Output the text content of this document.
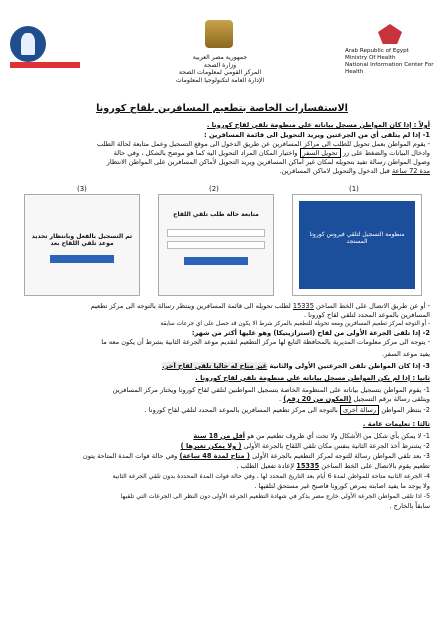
جمهورية مصر العربية
وزارة الصحة
المركز القومي لمعلومات الصحة
الإدارة العامة لتكنولوجيا المعلومات
Arab Republic of Egypt
Ministry Of Health
National Information Center For Health
الاستفسارات الخاصة بتطعيم المسافرين بلقاح كورونا
أولاً : إذا كان المواطن مسجل بياناته على منظومة تلقي لقاح كورونا .
1- إذا لم يتلقى أي من الجرعتين ويريد التحويل الى قائمة المسافرين :
- يقوم المواطن بعمل تحويل للطلب الى مراكز المسافرين عن طريق الدخول الى موقع التسجيل وعمل متابعة لحالة الطلب
وادخال البيانات والضغط على زر تحويل السفر واختيار المكان المراد التحويل اليه كما هو موضح بالشكل ، وفي حالة
وصول المواطن رسالة تفيد بتحويله لمكان غير أماكن المسافرين ويريد التحويل لأماكن المسافرين على المواطن الانتظار
مدة 72 ساعة قبل الدخول والتحويل لاماكن المسافرين.
(3)
تم التسجيل بالفعل وبانتظار تحديد موعد تلقي اللقاح بعد
(2)
متابعة حالة طلب تلقي اللقاح
(1)
منظومة التسجيل لتلقي فيروس كورونا المستجد
- أو عن طريق الاتصال على الخط الساخن 15335 لطلب تحويله الى قائمة المسافرين وينتظر رسالة بالتوجه الى مركز تطعيم
المسافرين بالموعد المحدد لتلقي لقاح كورونا .
- أو التوجه لمركز تطعيم المسافرين ومعه تحويله للتطعيم بالمركز شرط الا يكون قد حصل على اي جرعات سابقة
2- إذا تلقى الجرعة الأولى من لقاح (استرازينيكا) وهو عليها أكثر من شهر:
- يتوجه الى مركز معلومات المديرية بالمحافظة التابع لها مركز التطعيم لتقديم موعد الجرعة الثانية بشرط أن يكون معه ما
يفيد موعد السفر.
3- إذا كان المواطن تلقى الجرعتين الأولى والثانية غير متاح له حاليا تلقي لقاح آخر.
ثانيا : إذا لم يكن المواطن مسجل بياناته على منظومة تلقي لقاح كورونا .
1- يقوم المواطن بتسجيل بياناته على المنظومة الخاصة بتسجيل المواطنين لتلقي لقاح كورونا ويختار مركز المسافرين
ويتلقى رسالة برقم التسجيل (المكون من 20 رقم) .
2- ينتظر المواطن رسالة أخرى بالتوجه الى مركز تطعيم المسافرين بالموعد المحدد لتلقي لقاح كورونا .
ثالثا : تعليمات عامة .
1- لا يمكن بأي شكل من الأشكال ولا تحت أي ظروف تطعيم من هو أقل من 18 سنة
2- يشترط أخذ الجرعة الثانية بنفس مكان تلقي اللقاح بالجرعة الأولى ( ولا يمكن تغيرها )
3- بعد تلقي المواطن رسالة للتوجه لمركز التطعيم بالجرعة الأولى ( متاح لمدة 48 ساعة) وفي حالة فوات المدة المتاحة يتون
تطعيم يقوم بالاتصال على الخط الساخن 15335 لإعادة تفعيل الطلب .
4- الجرعة الثانية متاحة للمواطن لمدة 6 أيام بعد التاريخ المحدد لها ، وفي حالة فوات المدة المحددة بدون تلقي الجرعة الثانية
ولا يوجد ما يفيد اصابته بمرض كورونا فاصبح غير مستحق لتلقيها .
5- اذا تلقى المواطن الجرعة الأولى خارج مصر يذكر في شهادة التطعيم الجرعة الأولى دون النظر الى الجرعات التي تلقيها
سابقاً بالخارج .
